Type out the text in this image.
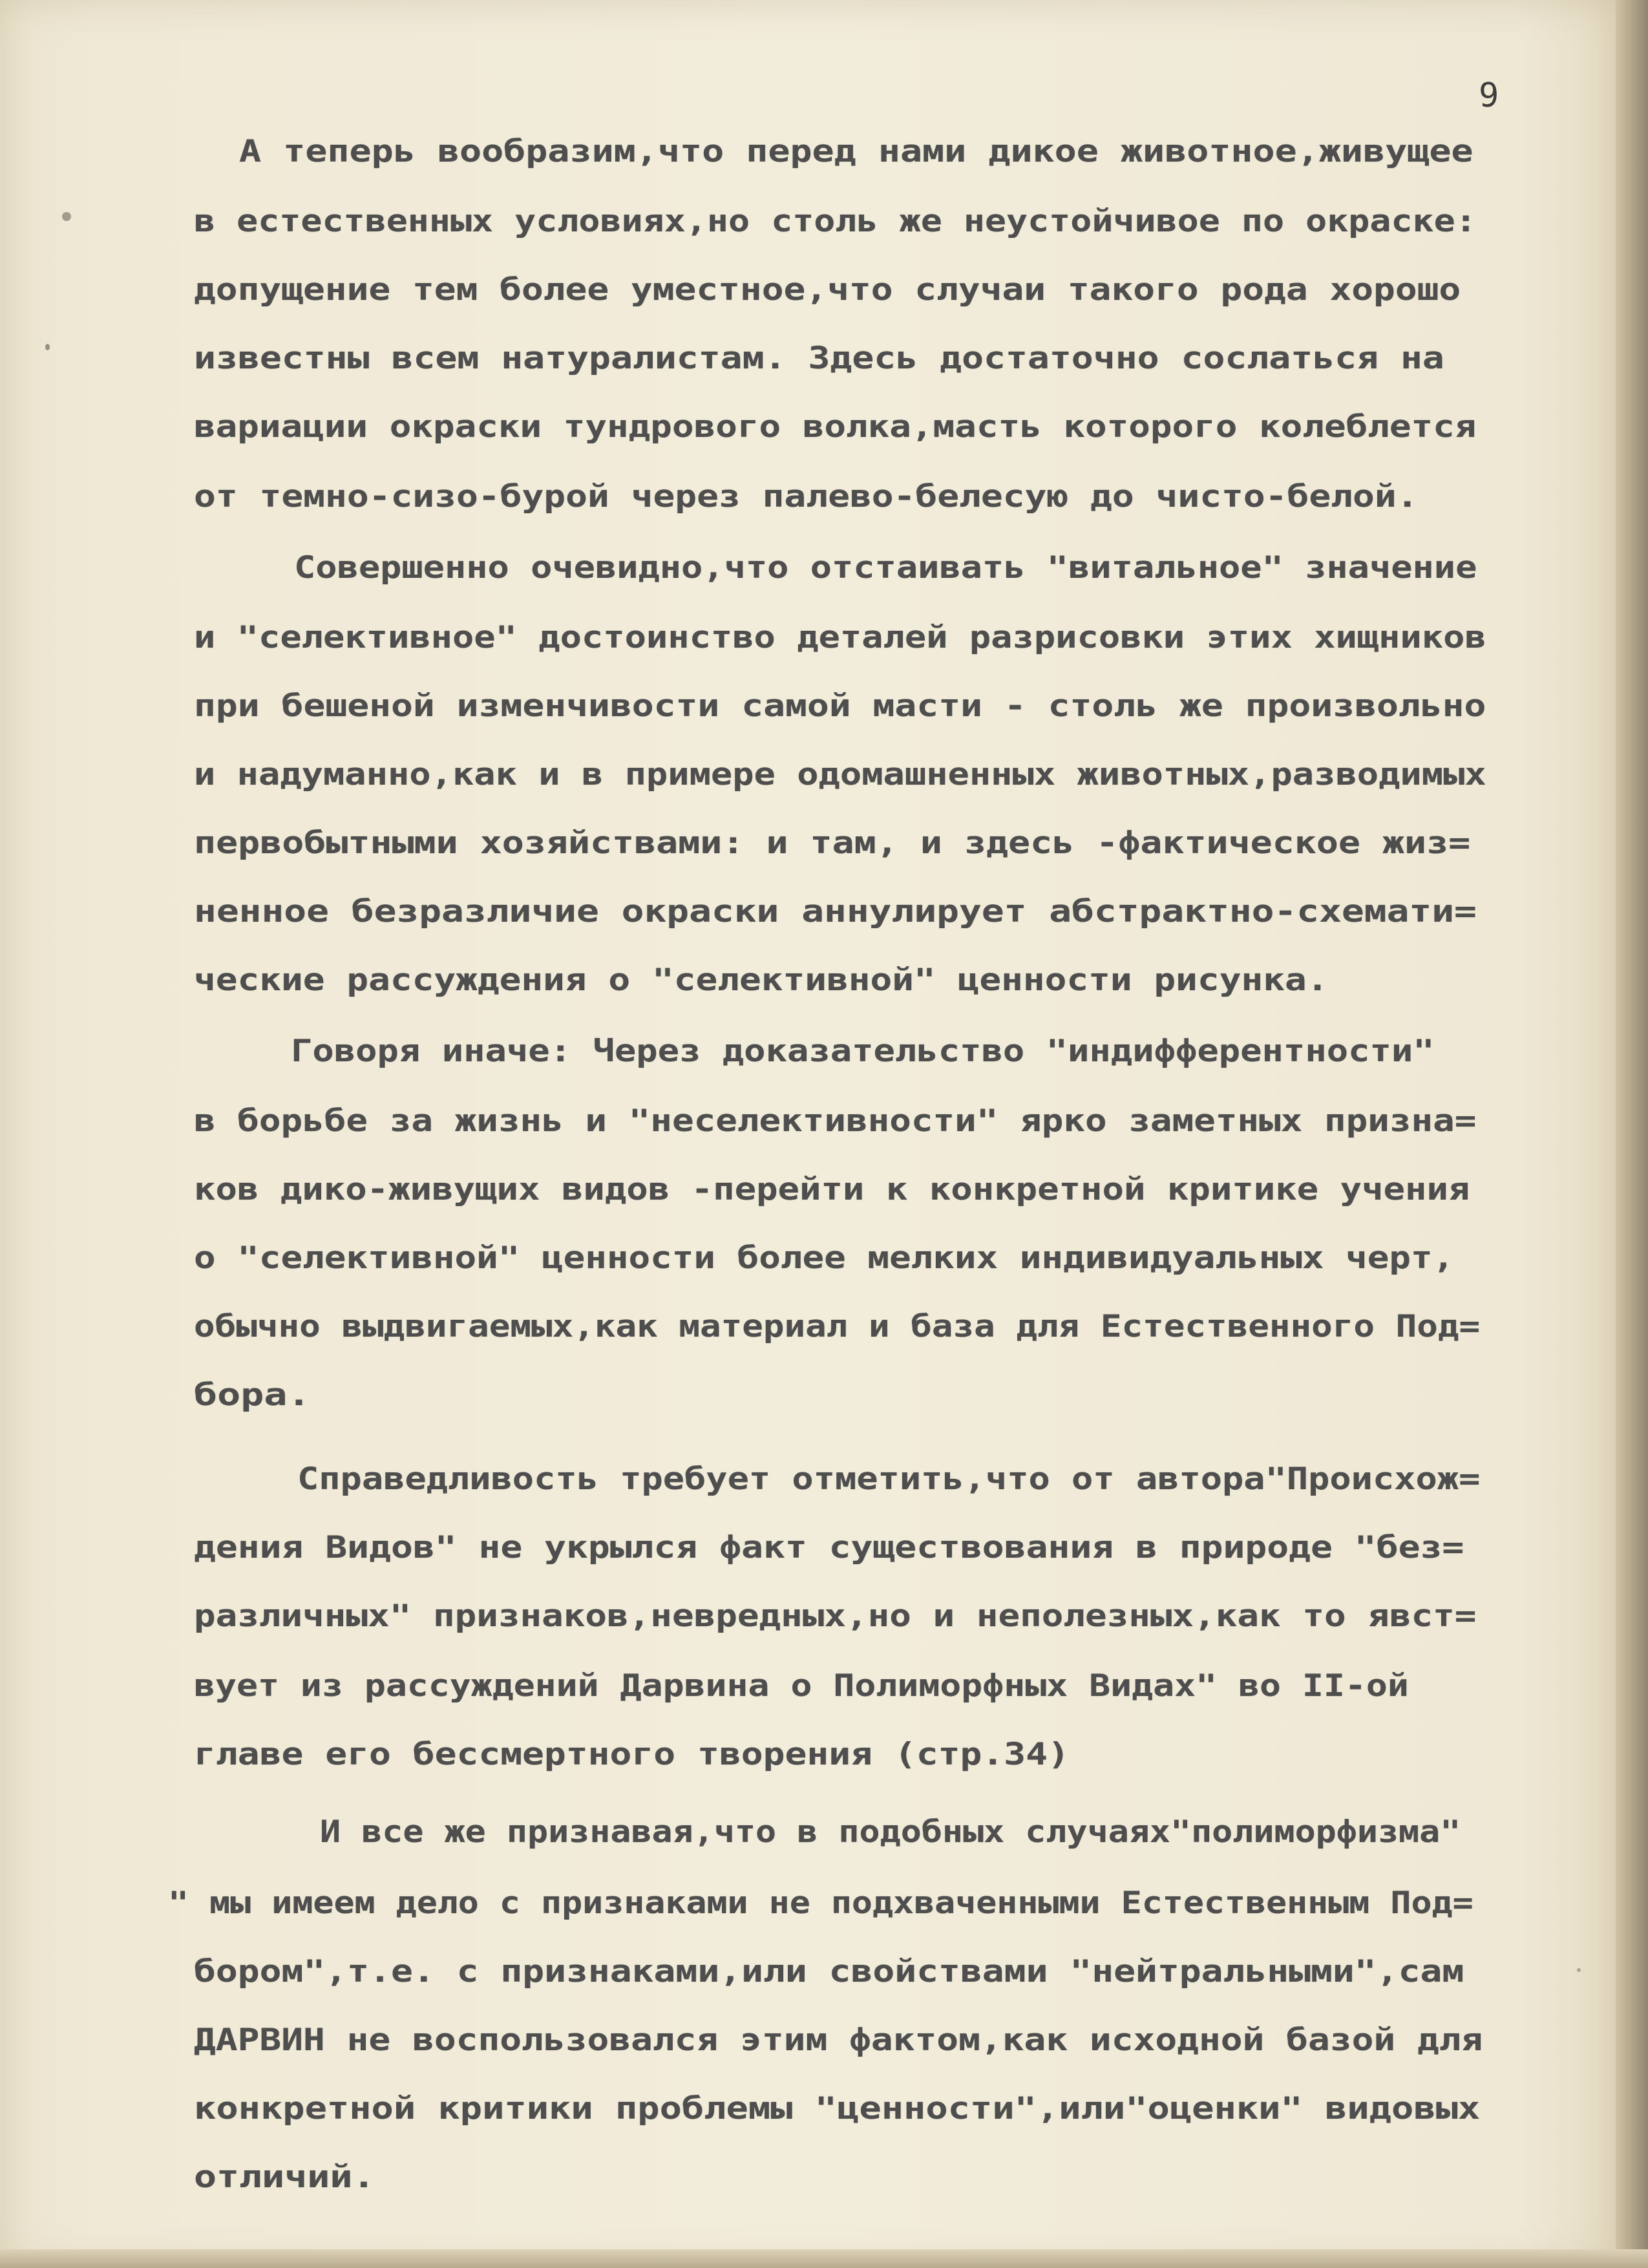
9

А теперь вообразим,что перед нами дикое животное,живущее

в естественных условиях,но столь же неустойчивое по окраске:

допущение тем более уместное,что случаи такого рода хорошо

известны всем натуралистам. Здесь достаточно сослаться на

вариации окраски тундрового волка,масть которого колеблется

от темно-сизо-бурой через палево-белесую до чисто-белой.

Совершенно очевидно,что отстаивать "витальное" значение

и "селективное" достоинство деталей разрисовки этих хищников

при бешеной изменчивости самой масти - столь же произвольно

и надуманно,как и в примере одомашненных животных,разводимых

первобытными хозяйствами: и там, и здесь -фактическое жиз=

ненное безразличие окраски аннулирует абстрактно-схемати=

ческие рассуждения о "селективной" ценности рисунка.

Говоря иначе: Через доказательство "индифферентности"

в борьбе за жизнь и "неселективности" ярко заметных призна=

ков дико-живущих видов -перейти к конкретной критике учения

о "селективной" ценности более мелких индивидуальных черт,

обычно выдвигаемых,как материал и база для Естественного Под=

бора.

Справедливость требует отметить,что от автора"Происхож=

дения Видов" не укрылся факт существования в природе "без=

различных" признаков,невредных,но и неполезных,как то явст=

вует из рассуждений Дарвина о Полиморфных Видах" во II-ой

главе его бессмертного творения (стр.34)

И все же признавая,что в подобных случаях"полиморфизма"

" мы имеем дело с признаками не подхваченными Естественным Под=

бором",т.е. с признаками,или свойствами "нейтральными",сам

ДАРВИН не воспользовался этим фактом,как исходной базой для

конкретной критики проблемы "ценности",или"оценки" видовых

отличий.
